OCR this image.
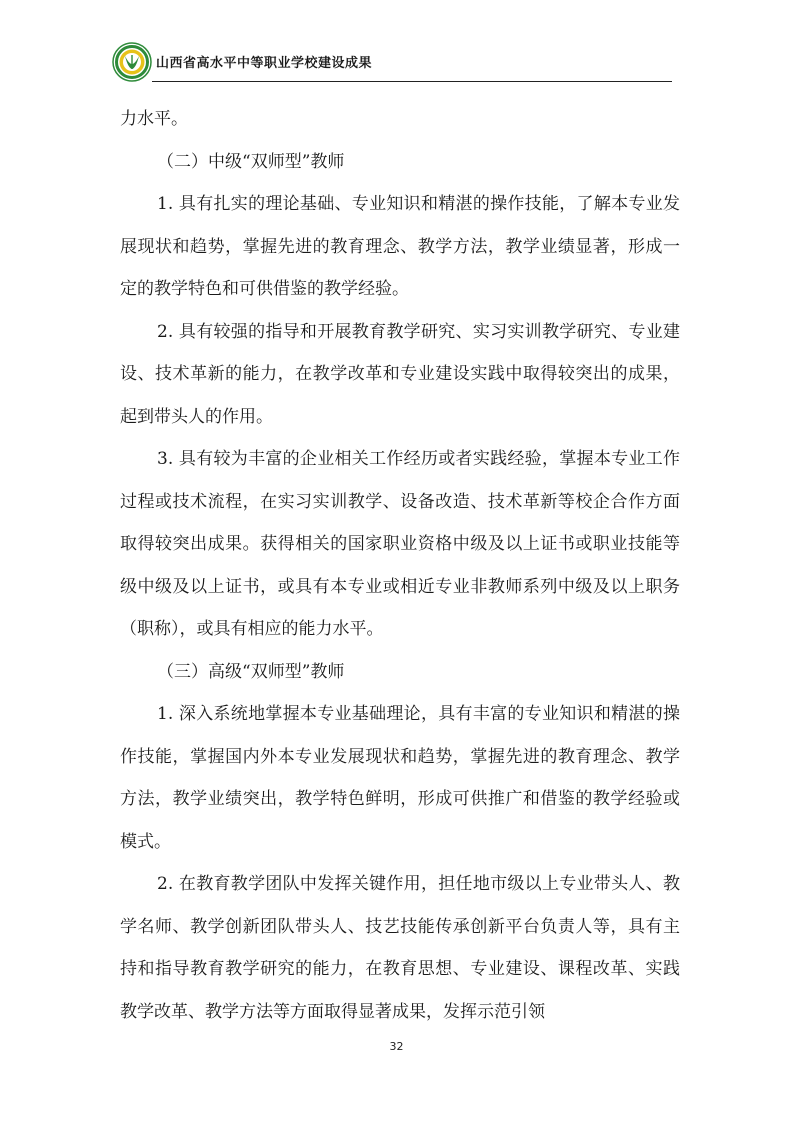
山西省高水平中等职业学校建设成果

力水平。

（二）中级“双师型”教师

1. 具有扎实的理论基础、专业知识和精湛的操作技能，了解本专业发展现状和趋势，掌握先进的教育理念、教学方法，教学业绩显著，形成一定的教学特色和可供借鉴的教学经验。

2. 具有较强的指导和开展教育教学研究、实习实训教学研究、专业建设、技术革新的能力，在教学改革和专业建设实践中取得较突出的成果，起到带头人的作用。

3. 具有较为丰富的企业相关工作经历或者实践经验，掌握本专业工作过程或技术流程，在实习实训教学、设备改造、技术革新等校企合作方面取得较突出成果。获得相关的国家职业资格中级及以上证书或职业技能等级中级及以上证书，或具有本专业或相近专业非教师系列中级及以上职务（职称），或具有相应的能力水平。

（三）高级“双师型”教师

1. 深入系统地掌握本专业基础理论，具有丰富的专业知识和精湛的操作技能，掌握国内外本专业发展现状和趋势，掌握先进的教育理念、教学方法，教学业绩突出，教学特色鲜明，形成可供推广和借鉴的教学经验或模式。

2. 在教育教学团队中发挥关键作用，担任地市级以上专业带头人、教学名师、教学创新团队带头人、技艺技能传承创新平台负责人等，具有主持和指导教育教学研究的能力，在教育思想、专业建设、课程改革、实践教学改革、教学方法等方面取得显著成果，发挥示范引领

32
